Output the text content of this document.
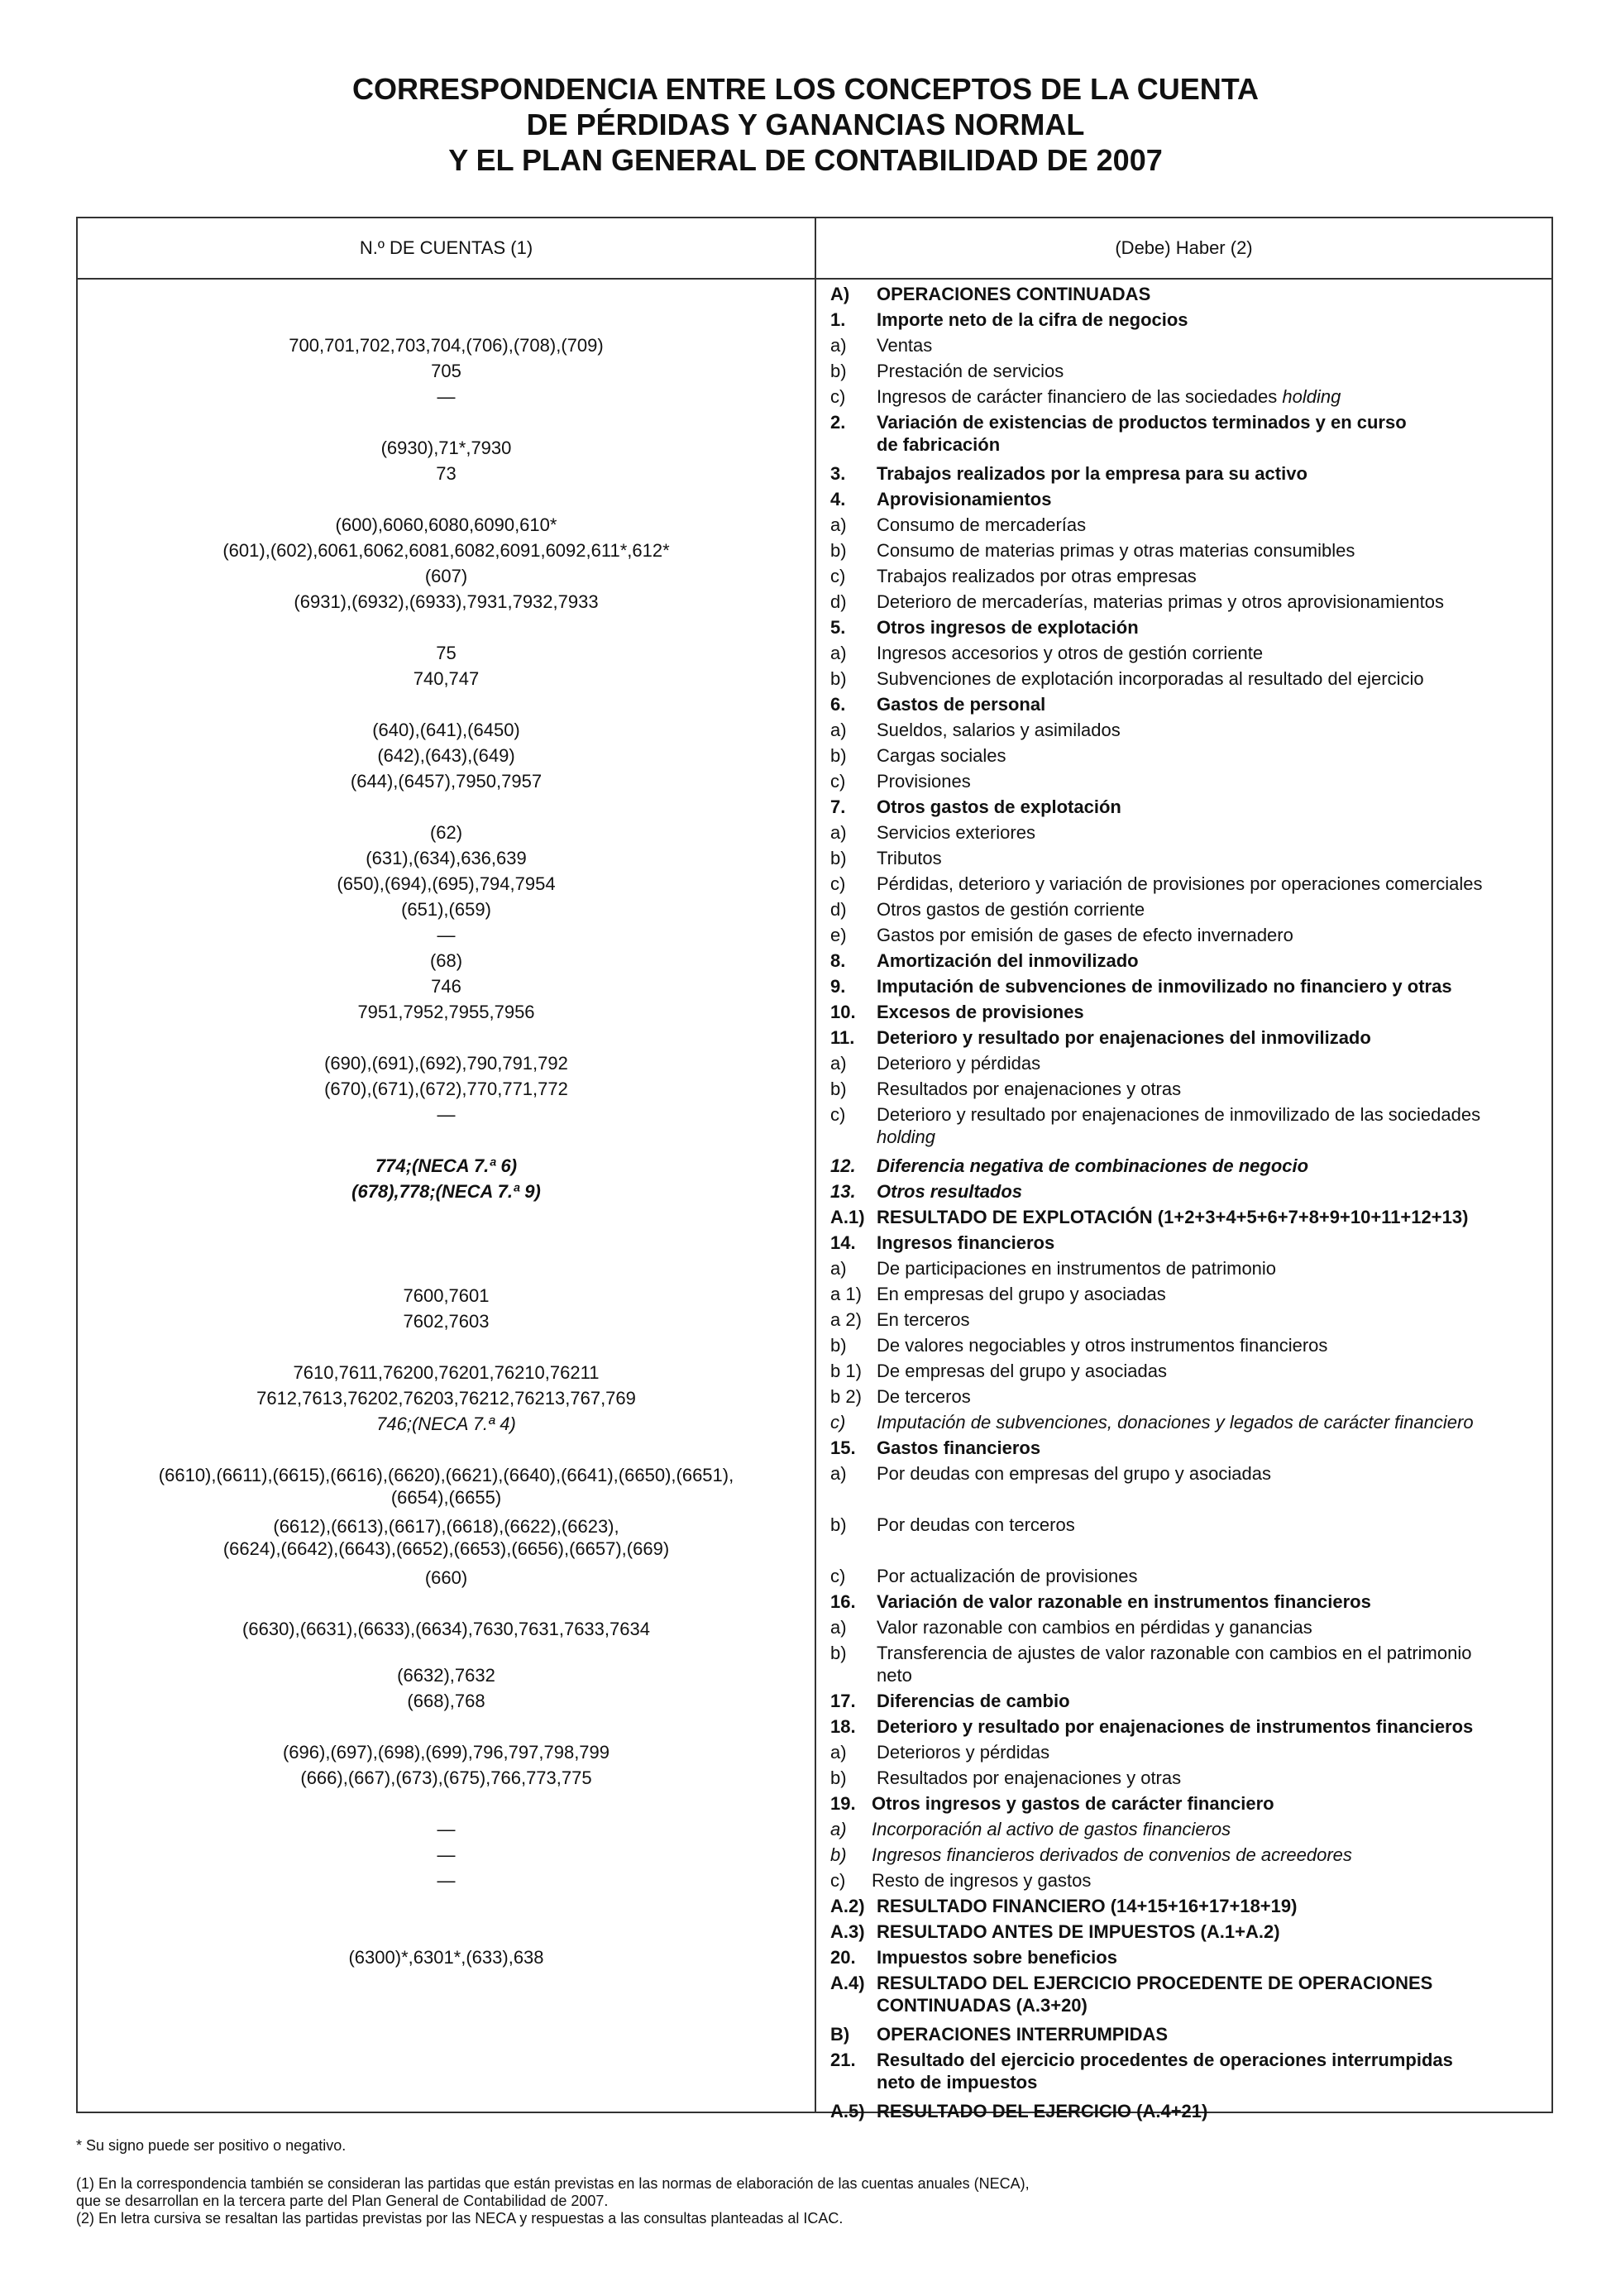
CORRESPONDENCIA ENTRE LOS CONCEPTOS DE LA CUENTA
DE PÉRDIDAS Y GANANCIAS NORMAL
Y EL PLAN GENERAL DE CONTABILIDAD DE 2007
N.º DE CUENTAS (1)	(Debe) Haber (2)
700,701,702,703,704,(706),(708),(709)
705
—
(6930),71*,7930
73
(600),6060,6080,6090,610*
(601),(602),6061,6062,6081,6082,6091,6092,611*,612*
(607)
(6931),(6932),(6933),7931,7932,7933
75
740,747
(640),(641),(6450)
(642),(643),(649)
(644),(6457),7950,7957
(62)
(631),(634),636,639
(650),(694),(695),794,7954
(651),(659)
—
(68)
746
7951,7952,7955,7956
(690),(691),(692),790,791,792
(670),(671),(672),770,771,772
—
774;(NECA 7.ª 6)
(678),778;(NECA 7.ª 9)
7600,7601
7602,7603
7610,7611,76200,76201,76210,76211
7612,7613,76202,76203,76212,76213,767,769
746;(NECA 7.ª 4)
(6610),(6611),(6615),(6616),(6620),(6621),(6640),(6641),(6650),(6651),
(6654),(6655)
(6612),(6613),(6617),(6618),(6622),(6623),
(6624),(6642),(6643),(6652),(6653),(6656),(6657),(669)
(660)
(6630),(6631),(6633),(6634),7630,7631,7633,7634
(6632),7632
(668),768
(696),(697),(698),(699),796,797,798,799
(666),(667),(673),(675),766,773,775
—
—
—
(6300)*,6301*,(633),638
A) OPERACIONES CONTINUADAS
1. Importe neto de la cifra de negocios
a) Ventas
b) Prestación de servicios
c) Ingresos de carácter financiero de las sociedades holding
2. Variación de existencias de productos terminados y en curso
de fabricación
3. Trabajos realizados por la empresa para su activo
4. Aprovisionamientos
a) Consumo de mercaderías
b) Consumo de materias primas y otras materias consumibles
c) Trabajos realizados por otras empresas
d) Deterioro de mercaderías, materias primas y otros aprovisionamientos
5. Otros ingresos de explotación
a) Ingresos accesorios y otros de gestión corriente
b) Subvenciones de explotación incorporadas al resultado del ejercicio
6. Gastos de personal
a) Sueldos, salarios y asimilados
b) Cargas sociales
c) Provisiones
7. Otros gastos de explotación
a) Servicios exteriores
b) Tributos
c) Pérdidas, deterioro y variación de provisiones por operaciones comerciales
d) Otros gastos de gestión corriente
e) Gastos por emisión de gases de efecto invernadero
8. Amortización del inmovilizado
9. Imputación de subvenciones de inmovilizado no financiero y otras
10. Excesos de provisiones
11. Deterioro y resultado por enajenaciones del inmovilizado
a) Deterioro y pérdidas
b) Resultados por enajenaciones y otras
c) Deterioro y resultado por enajenaciones de inmovilizado de las sociedades
holding
12. Diferencia negativa de combinaciones de negocio
13. Otros resultados
A.1) RESULTADO DE EXPLOTACIÓN (1+2+3+4+5+6+7+8+9+10+11+12+13)
14. Ingresos financieros
a) De participaciones en instrumentos de patrimonio
a 1) En empresas del grupo y asociadas
a 2) En terceros
b) De valores negociables y otros instrumentos financieros
b 1) De empresas del grupo y asociadas
b 2) De terceros
c) Imputación de subvenciones, donaciones y legados de carácter financiero
15. Gastos financieros
a) Por deudas con empresas del grupo y asociadas
b) Por deudas con terceros
c) Por actualización de provisiones
16. Variación de valor razonable en instrumentos financieros
a) Valor razonable con cambios en pérdidas y ganancias
b) Transferencia de ajustes de valor razonable con cambios en el patrimonio
neto
17. Diferencias de cambio
18. Deterioro y resultado por enajenaciones de instrumentos financieros
a) Deterioros y pérdidas
b) Resultados por enajenaciones y otras
19. Otros ingresos y gastos de carácter financiero
a) Incorporación al activo de gastos financieros
b) Ingresos financieros derivados de convenios de acreedores
c) Resto de ingresos y gastos
A.2) RESULTADO FINANCIERO (14+15+16+17+18+19)
A.3) RESULTADO ANTES DE IMPUESTOS (A.1+A.2)
20. Impuestos sobre beneficios
A.4) RESULTADO DEL EJERCICIO PROCEDENTE DE OPERACIONES
CONTINUADAS (A.3+20)
B) OPERACIONES INTERRUMPIDAS
21. Resultado del ejercicio procedentes de operaciones interrumpidas
neto de impuestos
A.5) RESULTADO DEL EJERCICIO (A.4+21)
* Su signo puede ser positivo o negativo.
(1) En la correspondencia también se consideran las partidas que están previstas en las normas de elaboración de las cuentas anuales (NECA),
que se desarrollan en la tercera parte del Plan General de Contabilidad de 2007.
(2) En letra cursiva se resaltan las partidas previstas por las NECA y respuestas a las consultas planteadas al ICAC.
